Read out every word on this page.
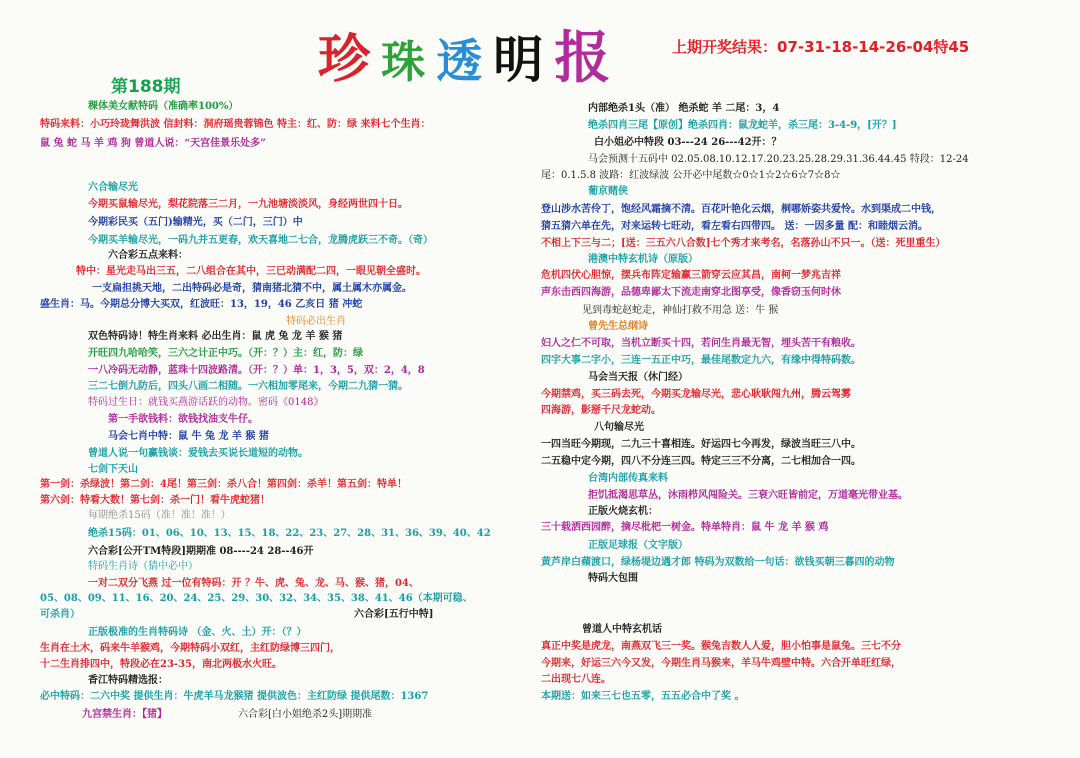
珍 珠 透 明 报	上期开奖结果：07-31-18-14-26-04特45
第188期
稞体美女献特码（准确率100%）
特码来料：小巧玲珑舞洪波 信封料：洞府瑶贵蓉锦色 特主：红、防：绿 来料七个生肖：
鼠 兔 蛇 马 羊 鸡 狗 曾道人说：“天宫佳景乐处多”
六合输尽光
今期买鼠输尽光，梨花院落三二月，一九池塘淡淡风，身经两世四十日。
今期彩民买（五门)输精光，买（二门，三门）中
今期买羊输尽光，一码九并五更春，欢天喜地二七合，龙腾虎跃三不奇。（奇）
六合彩五点来料：
特中：星光走马出三五，二八组合在其中，三已动满配二四，一眼见朝全盛时。
一支扁担挑天地，二出特码必是奇，猜南猪北猜不中，属土属木亦属金。
盛生肖：马。今期总分博大买双，红波旺：13，19，46 乙亥日 猪 冲蛇
特码必出生肖
双色特码诗！特生肖来料 必出生肖：鼠 虎 兔 龙 羊 猴 猪
开旺四九哈哈笑，三六之计正中巧。（开：？）主：红，防：绿
一八冷码无动静，蓝珠十四波路清。（开：？）单：1，3，5，双：2，4，8
三二七倒九防后，四头八画二相随。一六相加零尾来，今期二九猜一猜。
特码过生日：就钱买燕游话跃的动物。密码《0148》
第一手欲钱料：欲钱找油支牛仔。
马会七肖中特：鼠 牛 兔 龙 羊 猴 猪
曾道人说一句赢钱谈：爱钱去买说长道短的动物。
七剑下天山
第一剑：杀绿波！第二剑：4尾！第三剑：杀八合！第四剑：杀羊！第五剑：特单！
第六剑：特看大数！第七剑：杀一门！看牛虎蛇猪！
每期绝杀15码（准！准！准！）
绝杀15码：01、06、10、13、15、18、22、23、27、28、31、36、39、40、42
六合彩[公开TM特段]期期准 08----24 28--46开
特码生肖诗（猜中必中）
一对二双分飞燕 过一位有特码：开 ？牛、虎、兔、龙、马、猴、猪，04、
05、08、09、11、16、20、24、25、29、30、32、34、35、38、41、46（本期可稳、
可杀肖）	六合彩[五行中特]
正版极准的生肖特码诗 （金、火、土）开：（？）
生肖在土木，码来牛羊猴鸡，今期特码小双红，主红防绿博三四门，
十二生肖排四中，特段必在23-35，南北两极水火旺。
香江特码精选报：
必中特码：二六中奖 提供生肖：牛虎羊马龙猴猪 提供波色：主红防绿 提供尾数：1367
九宫禁生肖：【猪】	六合彩[白小姐绝杀2头]期期准
内部绝杀1头（准） 绝杀蛇 羊 二尾：3，4
绝杀四肖三尾【原创】绝杀四肖：鼠龙蛇羊，杀三尾：3-4-9，[开？]
白小姐必中特段 03---24 26---42开：？
马会预测十五码中 02.05.08.10.12.17.20.23.25.28.29.31.36.44.45 特段：12-24
尾：0.1.5.8 波路：红波绿波 公开必中尾数☆0☆1☆2☆6☆7☆8☆
葡京赌侠
登山涉水苦伶丁，饱经风霜摘不清。百花叶艳化云烟，桐哪娇姿共爱怜。水到渠成二中钱，
猜五猜六单在先，对来运转七旺动，看左看右四带四。 送：一因多量 配：和睦烟云消。
不相上下三与二；[送：三五六八合数]七个秀才来考名，名落孙山不只一。（送：死里重生）
港澳中特玄机诗（原版）
危机四伏心胆惊，摆兵布阵定输赢三箭穿云应其昌，南柯一梦兆吉祥
声东击西四海游，品德卑鄙太下流走南穿北图享受，像香窃玉何时休
见到毒蛇赵蛇走，神仙打救不用急 送：牛 猴
曾先生总纲诗
妇人之仁不可取，当机立断买十四，若问生肖最无智，埋头苦干有粮收。
四字大事二字小，三连一五正中巧，最佳尾数定九六，有缘中得特码数。
马会当天报（休门经）
今期禁鸡，买三码去死，今期买龙输尽光，悲心耿耿闯九州，腾云驾雾
四海游，影掰千尺龙蛇动。
八句输尽光
一四当旺今期现，二九三十喜相连。好运四七今再发，绿波当旺三八中。
二五稳中定今期，四八不分连三四。特定三三不分离，二七相加合一四。
台湾内部传真来料
拒饥抵渴思草丛，沐雨栉风闯险关。三衰六旺皆前定，万道毫光带业基。
正版火烧玄机：
三十载洒西园醉，摘尽枇杷一树金。特单特肖：鼠 牛 龙 羊 猴 鸡
正版足球报（文字版）
黄芦岸白蘋渡口，绿杨堤边遇才郎 特码为双数给一句话：欲钱买朝三暮四的动物
特码大包围
曾道人中特玄机话
真正中奖是虎龙，南燕双飞三一奖。猴兔吉数人人爱，胆小怕事是鼠兔。三七不分
今期来，好运三六今又发，今期生肖马猴来，羊马牛鸡壁中特。六合开单旺红绿，
二出现七八连。
本期送：如来三七也五零，五五必合中了奖 。
